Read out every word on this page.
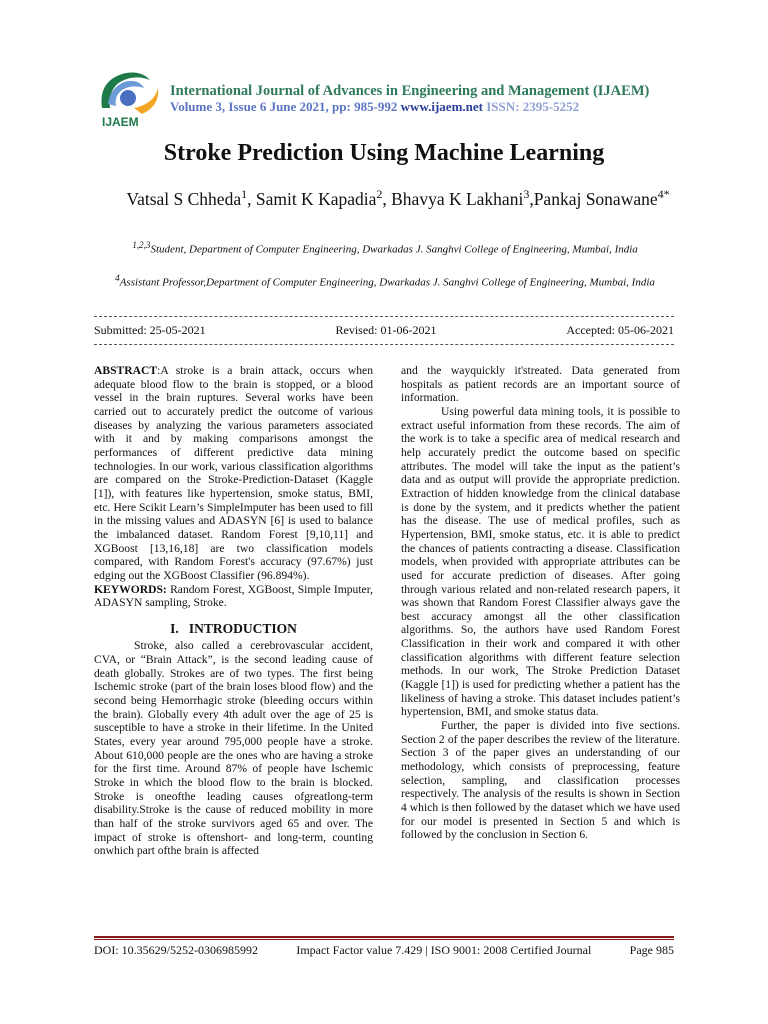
IJAEM
International Journal of Advances in Engineering and Management (IJAEM)
Volume 3, Issue 6 June 2021, pp: 985-992 www.ijaem.net ISSN: 2395-5252
Stroke Prediction Using Machine Learning
Vatsal S Chheda$^1$, Samit K Kapadia$^2$, Bhavya K Lakhani$^3$,Pankaj Sonawane$^{4*}$
$^{1,2,3}$Student, Department of Computer Engineering, Dwarkadas J. Sanghvi College of Engineering, Mumbai, India
$^4$Assistant Professor,Department of Computer Engineering, Dwarkadas J. Sanghvi College of Engineering, Mumbai, India
Submitted: 25-05-2021	Revised: 01-06-2021	Accepted: 05-06-2021

ABSTRACT:A stroke is a brain attack, occurs when adequate blood flow to the brain is stopped, or a blood vessel in the brain ruptures. Several works have been carried out to accurately predict the outcome of various diseases by analyzing the various parameters associated with it and by making comparisons amongst the performances of different predictive data mining technologies. In our work, various classification algorithms are compared on the Stroke-Prediction-Dataset (Kaggle [1]), with features like hypertension, smoke status, BMI, etc. Here Scikit Learn’s SimpleImputer has been used to fill in the missing values and ADASYN [6] is used to balance the imbalanced dataset. Random Forest [9,10,11] and XGBoost [13,16,18] are two classification models compared, with Random Forest's accuracy (97.67%) just edging out the XGBoost Classifier (96.894%).

KEYWORDS: Random Forest, XGBoost, Simple Imputer, ADASYN sampling, Stroke.

I. INTRODUCTION

Stroke, also called a cerebrovascular accident, CVA, or “Brain Attack”, is the second leading cause of death globally. Strokes are of two types. The first being Ischemic stroke (part of the brain loses blood flow) and the second being Hemorrhagic stroke (bleeding occurs within the brain). Globally every 4th adult over the age of 25 is susceptible to have a stroke in their lifetime. In the United States, every year around 795,000 people have a stroke. About 610,000 people are the ones who are having a stroke for the first time. Around 87% of people have Ischemic Stroke in which the blood flow to the brain is blocked. Stroke is oneofthe leading causes ofgreatlong-term disability.Stroke is the cause of reduced mobility in more than half of the stroke survivors aged 65 and over. The impact of stroke is oftenshort- and long-term, counting onwhich part ofthe brain is affected

and the wayquickly it'streated. Data generated from hospitals as patient records are an important source of information.

Using powerful data mining tools, it is possible to extract useful information from these records. The aim of the work is to take a specific area of medical research and help accurately predict the outcome based on specific attributes. The model will take the input as the patient’s data and as output will provide the appropriate prediction. Extraction of hidden knowledge from the clinical database is done by the system, and it predicts whether the patient has the disease. The use of medical profiles, such as Hypertension, BMI, smoke status, etc. it is able to predict the chances of patients contracting a disease. Classification models, when provided with appropriate attributes can be used for accurate prediction of diseases. After going through various related and non-related research papers, it was shown that Random Forest Classifier always gave the best accuracy amongst all the other classification algorithms. So, the authors have used Random Forest Classification in their work and compared it with other classification algorithms with different feature selection methods. In our work, The Stroke Prediction Dataset (Kaggle [1]) is used for predicting whether a patient has the likeliness of having a stroke. This dataset includes patient’s hypertension, BMI, and smoke status data.

Further, the paper is divided into five sections. Section 2 of the paper describes the review of the literature. Section 3 of the paper gives an understanding of our methodology, which consists of preprocessing, feature selection, sampling, and classification processes respectively. The analysis of the results is shown in Section 4 which is then followed by the dataset which we have used for our model is presented in Section 5 and which is followed by the conclusion in Section 6.

DOI: 10.35629/5252-0306985992	Impact Factor value 7.429 | ISO 9001: 2008 Certified Journal	Page 985
